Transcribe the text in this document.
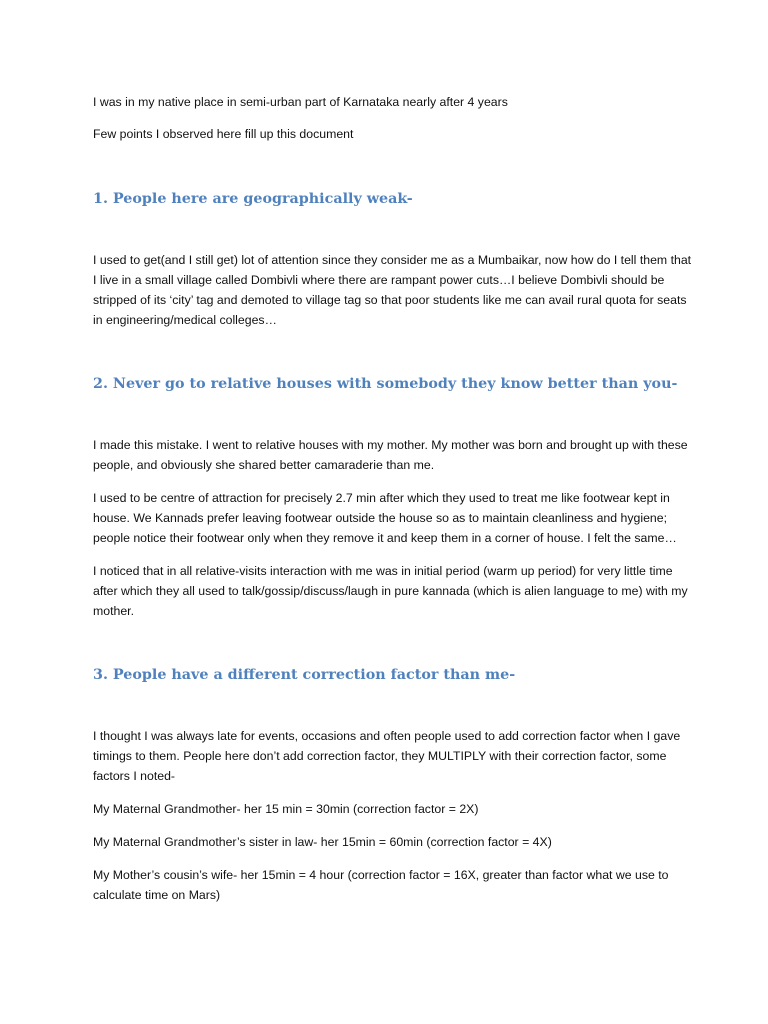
I was in my native place in semi-urban part of Karnataka nearly after 4 years

Few points I observed here fill up this document

1. People here are geographically weak-

I used to get(and I still get) lot of attention since they consider me as a Mumbaikar, now how do I tell them that I live in a small village called Dombivli where there are rampant power cuts…I believe Dombivli should be stripped of its ‘city’ tag and demoted to village tag so that poor students like me can avail rural quota for seats in engineering/medical colleges…

2. Never go to relative houses with somebody they know better than you-

I made this mistake. I went to relative houses with my mother. My mother was born and brought up with these people, and obviously she shared better camaraderie than me.

I used to be centre of attraction for precisely 2.7 min after which they used to treat me like footwear kept in house. We Kannads prefer leaving footwear outside the house so as to maintain cleanliness and hygiene; people notice their footwear only when they remove it and keep them in a corner of house. I felt the same…

I noticed that in all relative-visits interaction with me was in initial period (warm up period) for very little time after which they all used to talk/gossip/discuss/laugh in pure kannada (which is alien language to me) with my mother.

3. People have a different correction factor than me-

I thought I was always late for events, occasions and often people used to add correction factor when I gave timings to them. People here don’t add correction factor, they MULTIPLY with their correction factor, some factors I noted-

My Maternal Grandmother- her 15 min = 30min (correction factor = 2X)

My Maternal Grandmother’s sister in law- her 15min = 60min (correction factor = 4X)

My Mother’s cousin’s wife- her 15min = 4 hour (correction factor = 16X, greater than factor what we use to calculate time on Mars)
